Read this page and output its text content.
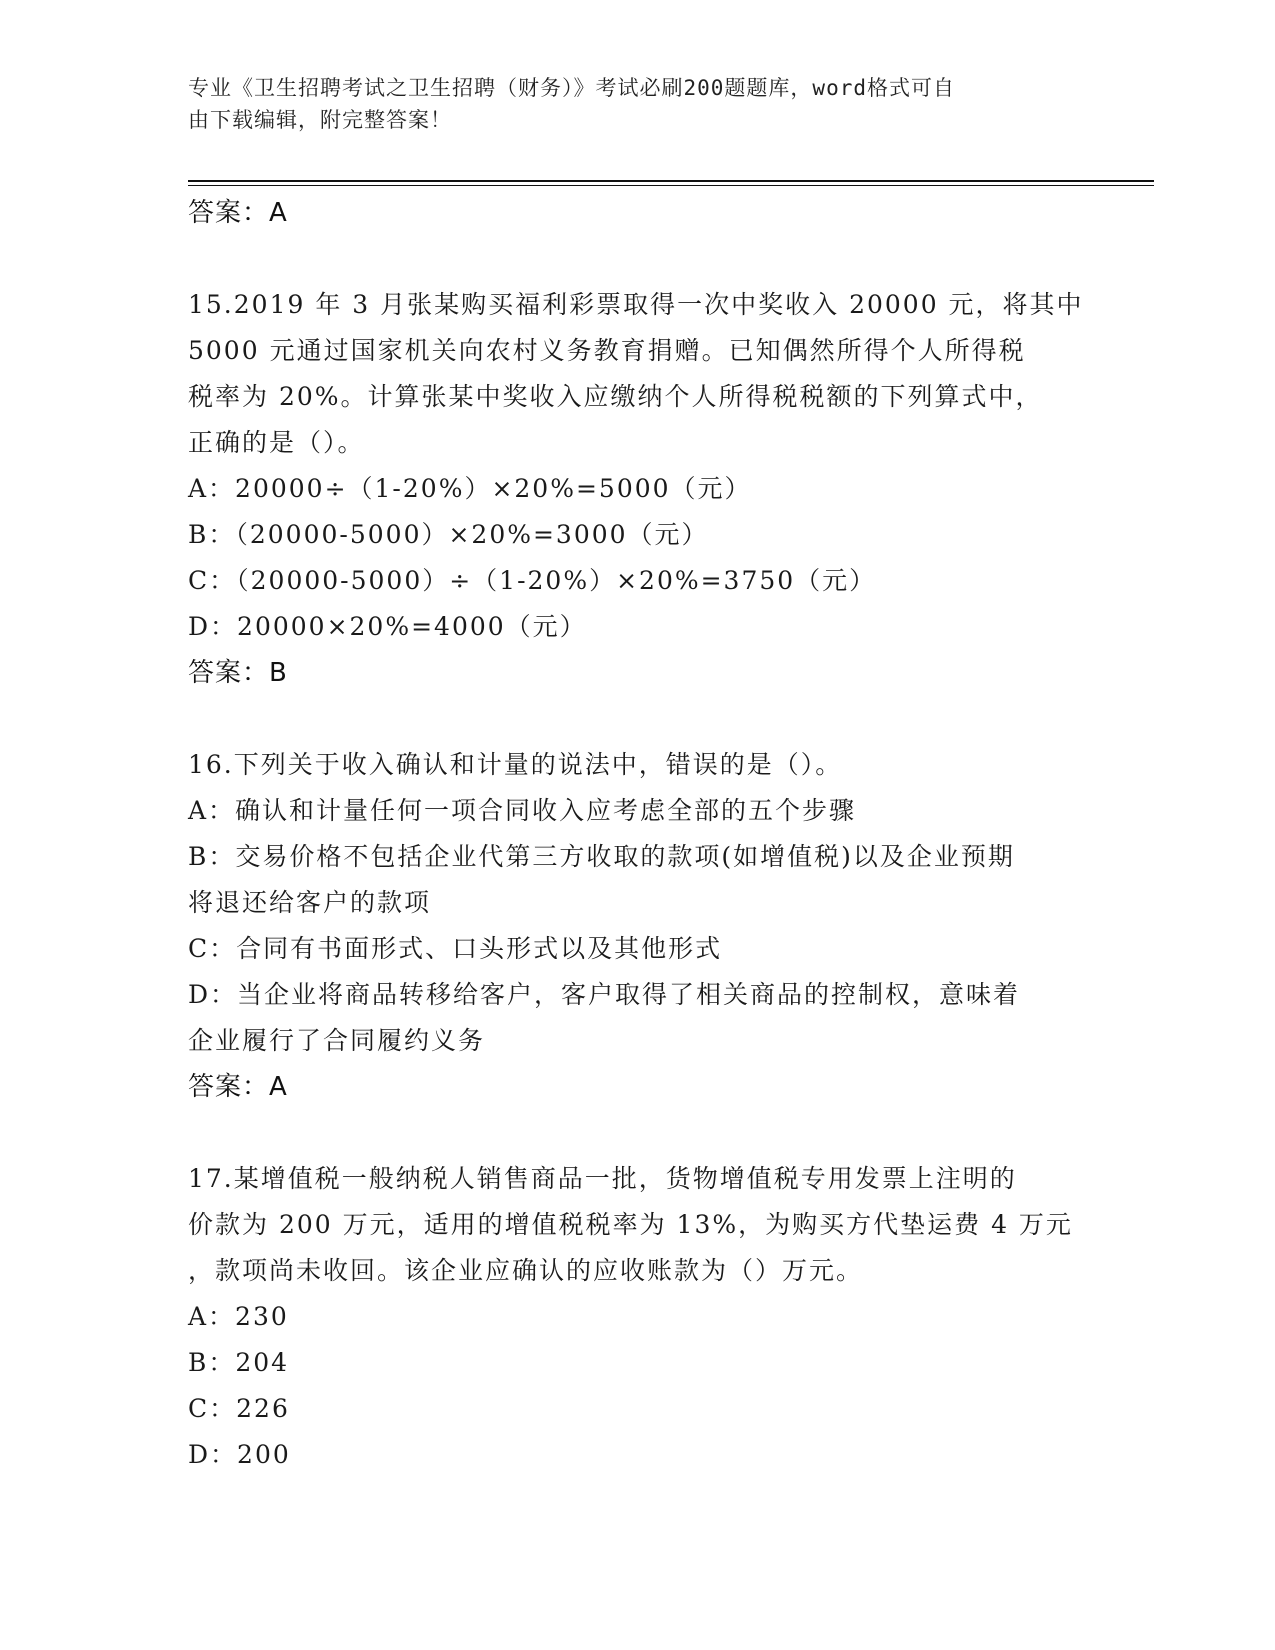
专业《卫生招聘考试之卫生招聘（财务）》考试必刷200题题库，word格式可自
由下载编辑，附完整答案！
答案：A
15.2019 年 3 月张某购买福利彩票取得一次中奖收入 20000 元，将其中
5000 元通过国家机关向农村义务教育捐赠。已知偶然所得个人所得税
税率为 20%。计算张某中奖收入应缴纳个人所得税税额的下列算式中，
正确的是（）。
A：20000÷（1-20%）×20%=5000（元）
B：（20000-5000）×20%=3000（元）
C：（20000-5000）÷（1-20%）×20%=3750（元）
D：20000×20%=4000（元）
答案：B
16.下列关于收入确认和计量的说法中，错误的是（）。
A：确认和计量任何一项合同收入应考虑全部的五个步骤
B：交易价格不包括企业代第三方收取的款项(如增值税)以及企业预期
将退还给客户的款项
C：合同有书面形式、口头形式以及其他形式
D：当企业将商品转移给客户，客户取得了相关商品的控制权，意味着
企业履行了合同履约义务
答案：A
17.某增值税一般纳税人销售商品一批，货物增值税专用发票上注明的
价款为 200 万元，适用的增值税税率为 13%，为购买方代垫运费 4 万元
，款项尚未收回。该企业应确认的应收账款为（）万元。
A：230
B：204
C：226
D：200
